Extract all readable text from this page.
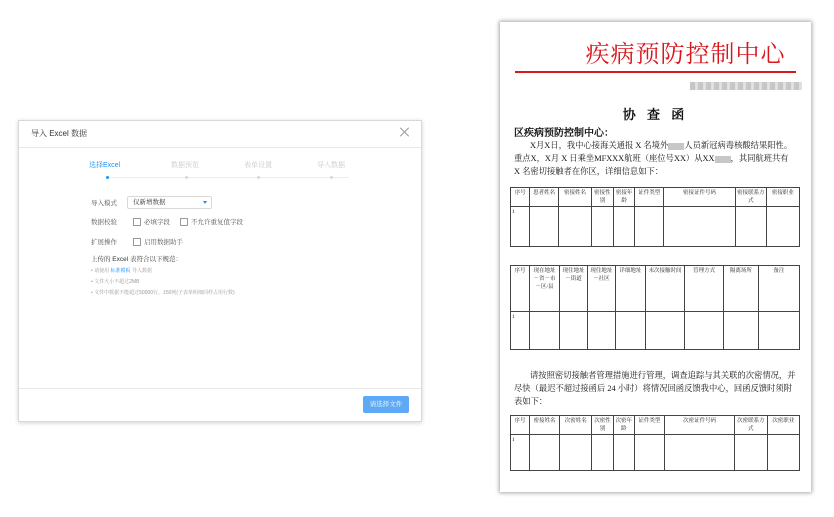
导入 Excel 数据
选择Excel	数据预览	表单设置	导入数据
导入模式	仅新增数据
数据校验	必填字段	不允许重复值字段
扩展操作	启用数据助手
上传的 Excel 表符合以下规范：
• 请使用 标准模板 导入数据
• 文件大小不超过2MB
• 文件中数据不能超过50000行、150列(子表单明细同样占用行数)
请选择文件
疾病预防控制中心
协 查 函
区疾病预防控制中心：
X月X日，我中心接海关通报 X 名境外 人员新冠病毒核酸结果阳性。重点X，X月 X 日乘坐MFXXX航班（座位号XX）从XX ，其同航班共有 X 名密切接触者在你区，详细信息如下：
序号	患者姓名	密接姓名	密接性别	密接年龄	证件类型	密接证件号码	密接联系方式	密接职业
1								
序号	现在地址－省－市－区/县	现住地址－街道	现住地址－社区	详细地址	末次接触时间	管理方式	隔离场所	备注
1								
请按照密切接触者管理措施进行管理，调查追踪与其关联的次密情况，并尽快（最迟不超过接函后 24 小时）将情况回函反馈我中心，回函反馈时须附表如下：
序号	密接姓名	次密姓名	次密性别	次密年龄	证件类型	次密证件号码	次密联系方式	次密职业
1								
